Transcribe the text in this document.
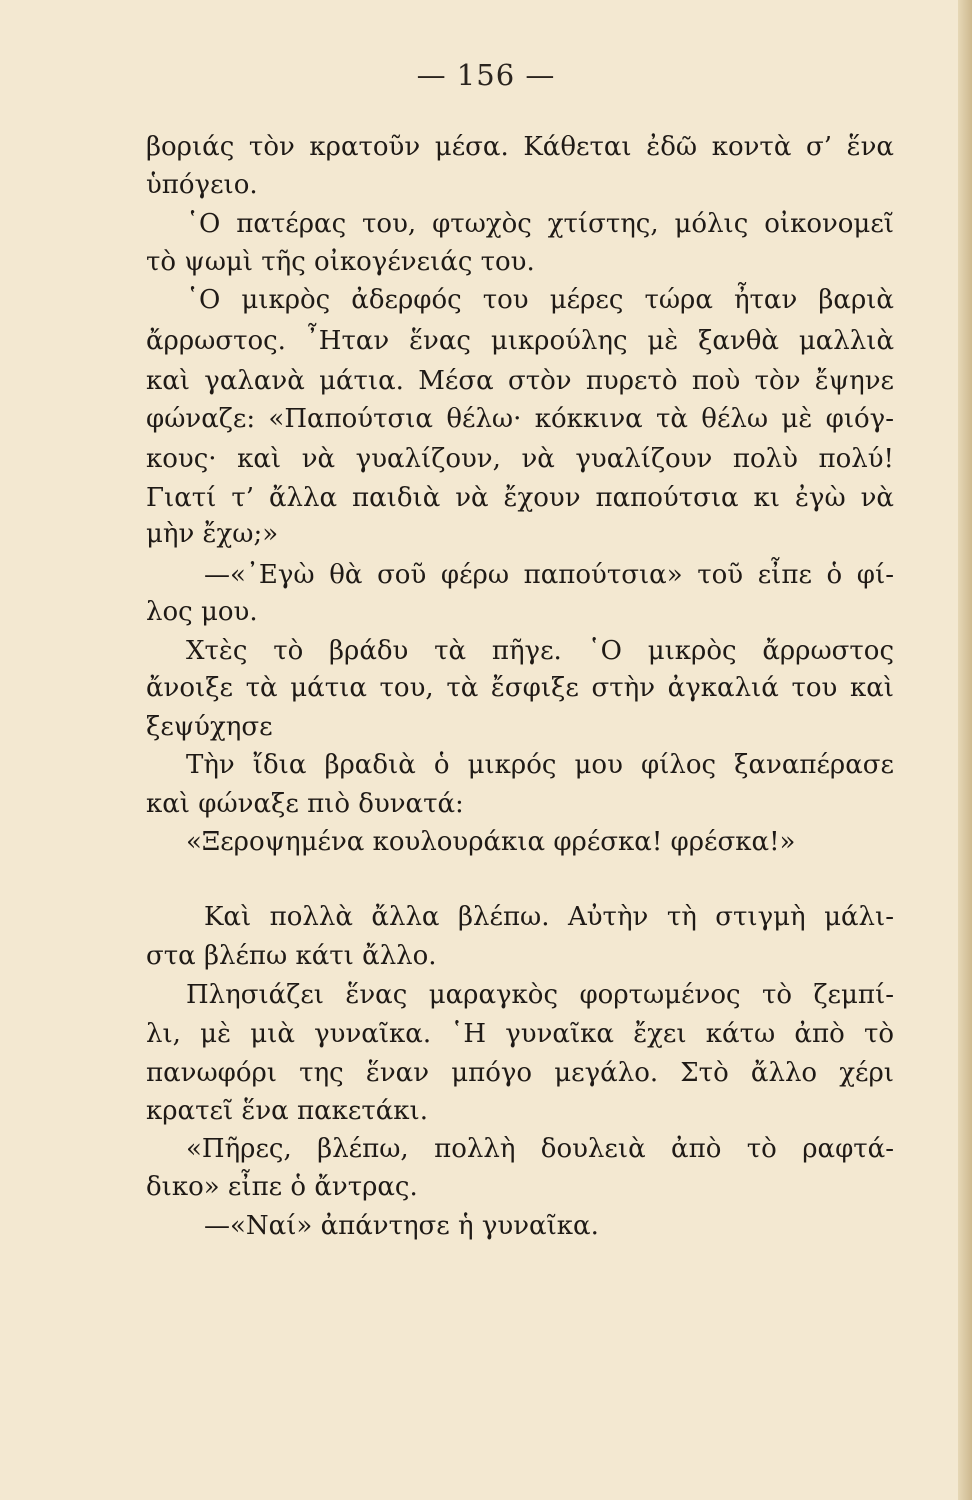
— 156 —
βοριάς τὸν κρατοῦν μέσα. Κάθεται ἐδῶ κοντὰ σ’ ἕνα
ὑπόγειο.
῾Ο πατέρας του, φτωχὸς χτίστης, μόλις οἰκονομεῖ
τὸ ψωμὶ τῆς οἰκογένειάς του.
῾Ο μικρὸς ἀδερφός του μέρες τώρα ἦταν βαριὰ
ἄρρωστος. ῏Ηταν ἕνας μικρούλης μὲ ξανθὰ μαλλιὰ
καὶ γαλανὰ μάτια. Μέσα στὸν πυρετὸ ποὺ τὸν ἔψηνε
φώναζε: «Παπούτσια θέλω· κόκκινα τὰ θέλω μὲ φιόγ-
κους· καὶ νὰ γυαλίζουν, νὰ γυαλίζουν πολὺ πολύ!
Γιατί τ’ ἄλλα παιδιὰ νὰ ἔχουν παπούτσια κι ἐγὼ νὰ
μὴν ἔχω;»
—«᾽Εγὼ θὰ σοῦ φέρω παπούτσια» τοῦ εἶπε ὁ φί-
λος μου.
Χτὲς τὸ βράδυ τὰ πῆγε. ῾Ο μικρὸς ἄρρωστος
ἄνοιξε τὰ μάτια του, τὰ ἔσφιξε στὴν ἀγκαλιά του καὶ
ξεψύχησε
Τὴν ἴδια βραδιὰ ὁ μικρός μου φίλος ξαναπέρασε
καὶ φώναξε πιὸ δυνατά:
«Ξεροψημένα κουλουράκια φρέσκα! φρέσκα!»
Καὶ πολλὰ ἄλλα βλέπω. Αὐτὴν τὴ στιγμὴ μάλι-
στα βλέπω κάτι ἄλλο.
Πλησιάζει ἕνας μαραγκὸς φορτωμένος τὸ ζεμπί-
λι, μὲ μιὰ γυναῖκα. ῾Η γυναῖκα ἔχει κάτω ἀπὸ τὸ
πανωφόρι της ἕναν μπόγο μεγάλο. Στὸ ἄλλο χέρι
κρατεῖ ἕνα πακετάκι.
«Πῆρες, βλέπω, πολλὴ δουλειὰ ἀπὸ τὸ ραφτά-
δικο» εἶπε ὁ ἄντρας.
—«Ναί» ἀπάντησε ἡ γυναῖκα.
